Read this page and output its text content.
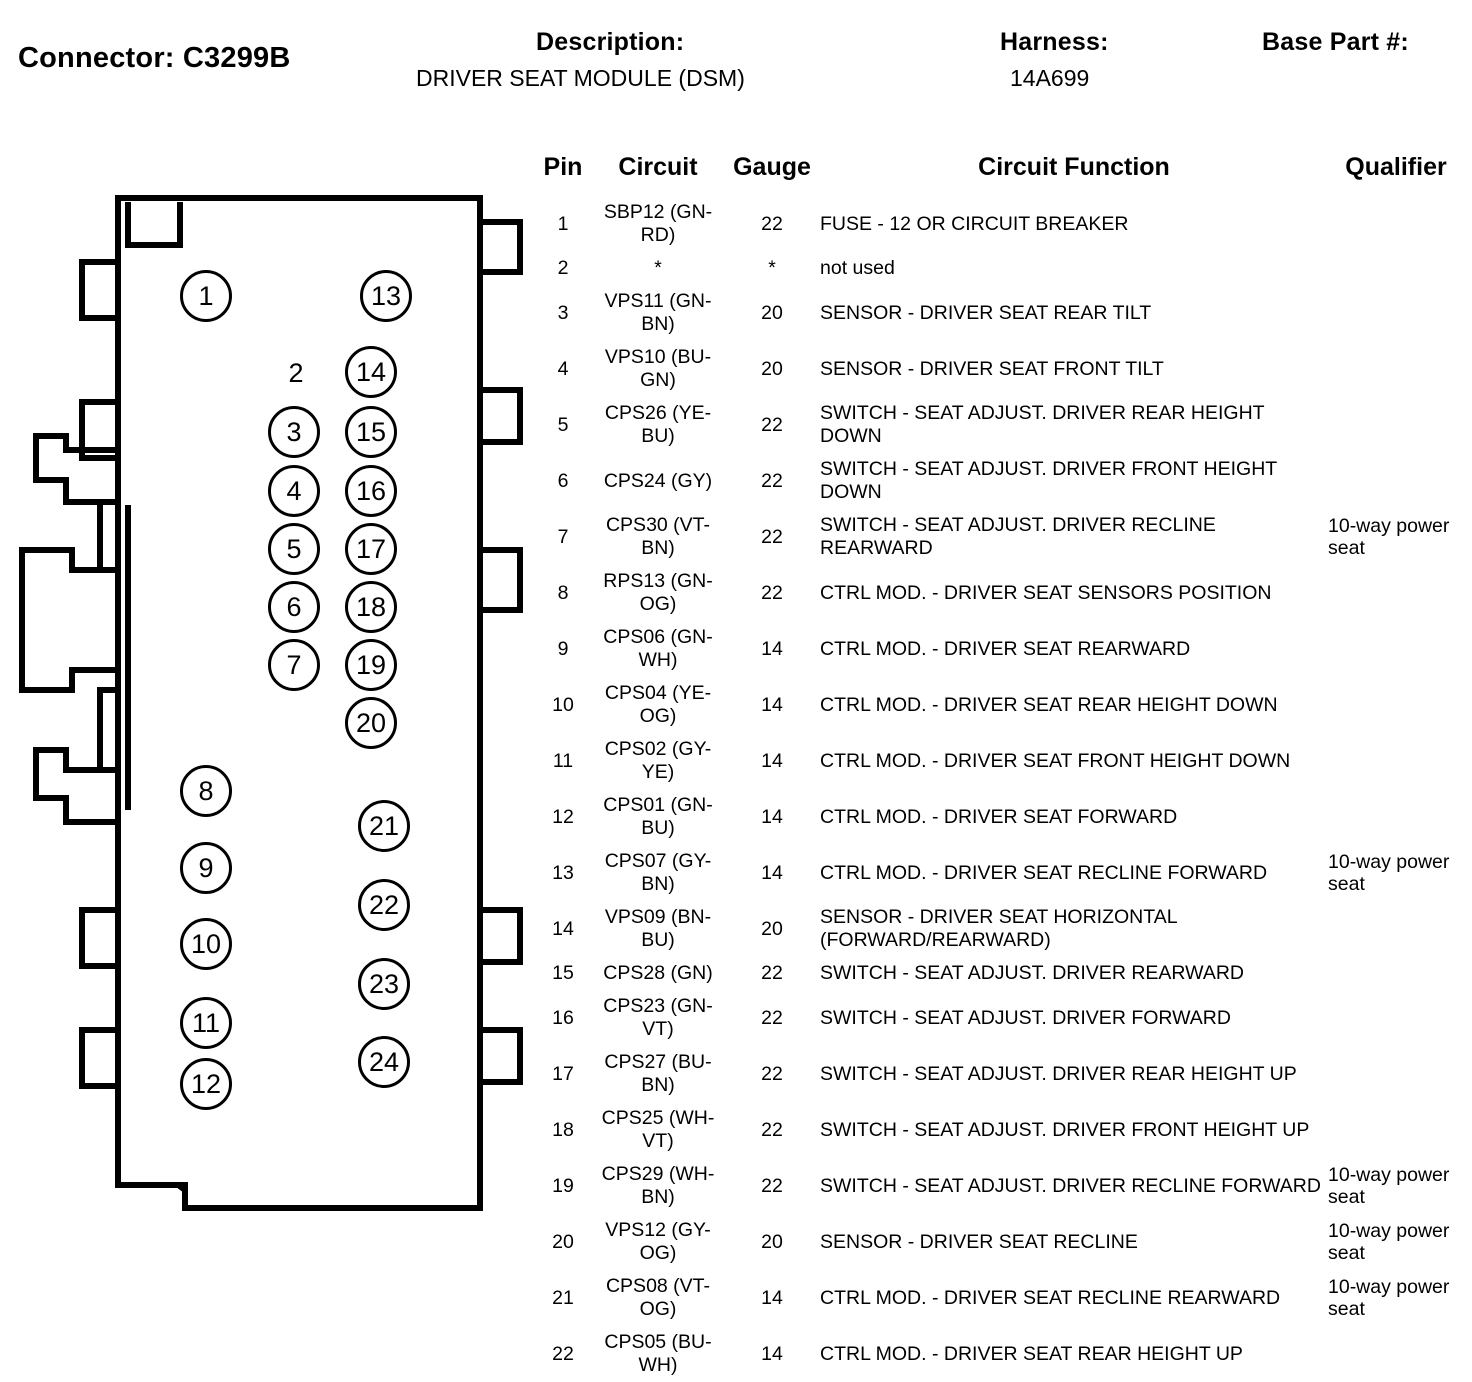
Connector: C3299B	Description:
DRIVER SEAT MODULE (DSM)
Harness:
14A699
Base Part #:
1	13
2	14
3	15
4	16
5	17
6	18
7	19
20
8
9
21
10
22
11
23
12
24
Pin	Circuit	Gauge	Circuit Function	Qualifier
1	SBP12 (GN-RD)	22	FUSE - 12 OR CIRCUIT BREAKER	
2	*	*	not used	
3	VPS11 (GN-BN)	20	SENSOR - DRIVER SEAT REAR TILT	
4	VPS10 (BU-GN)	20	SENSOR - DRIVER SEAT FRONT TILT	
5	CPS26 (YE-BU)	22	SWITCH - SEAT ADJUST. DRIVER REAR HEIGHT DOWN	
6	CPS24 (GY)	22	SWITCH - SEAT ADJUST. DRIVER FRONT HEIGHT DOWN	
7	CPS30 (VT-BN)	22	SWITCH - SEAT ADJUST. DRIVER RECLINE REARWARD	10-way power seat
8	RPS13 (GN-OG)	22	CTRL MOD. - DRIVER SEAT SENSORS POSITION	
9	CPS06 (GN-WH)	14	CTRL MOD. - DRIVER SEAT REARWARD	
10	CPS04 (YE-OG)	14	CTRL MOD. - DRIVER SEAT REAR HEIGHT DOWN	
11	CPS02 (GY-YE)	14	CTRL MOD. - DRIVER SEAT FRONT HEIGHT DOWN	
12	CPS01 (GN-BU)	14	CTRL MOD. - DRIVER SEAT FORWARD	
13	CPS07 (GY-BN)	14	CTRL MOD. - DRIVER SEAT RECLINE FORWARD	10-way power seat
14	VPS09 (BN-BU)	20	SENSOR - DRIVER SEAT HORIZONTAL (FORWARD/REARWARD)	
15	CPS28 (GN)	22	SWITCH - SEAT ADJUST. DRIVER REARWARD	
16	CPS23 (GN-VT)	22	SWITCH - SEAT ADJUST. DRIVER FORWARD	
17	CPS27 (BU-BN)	22	SWITCH - SEAT ADJUST. DRIVER REAR HEIGHT UP	
18	CPS25 (WH-VT)	22	SWITCH - SEAT ADJUST. DRIVER FRONT HEIGHT UP	
19	CPS29 (WH-BN)	22	SWITCH - SEAT ADJUST. DRIVER RECLINE FORWARD	10-way power seat
20	VPS12 (GY-OG)	20	SENSOR - DRIVER SEAT RECLINE	10-way power seat
21	CPS08 (VT-OG)	14	CTRL MOD. - DRIVER SEAT RECLINE REARWARD	10-way power seat
22	CPS05 (BU-WH)	14	CTRL MOD. - DRIVER SEAT REAR HEIGHT UP	
